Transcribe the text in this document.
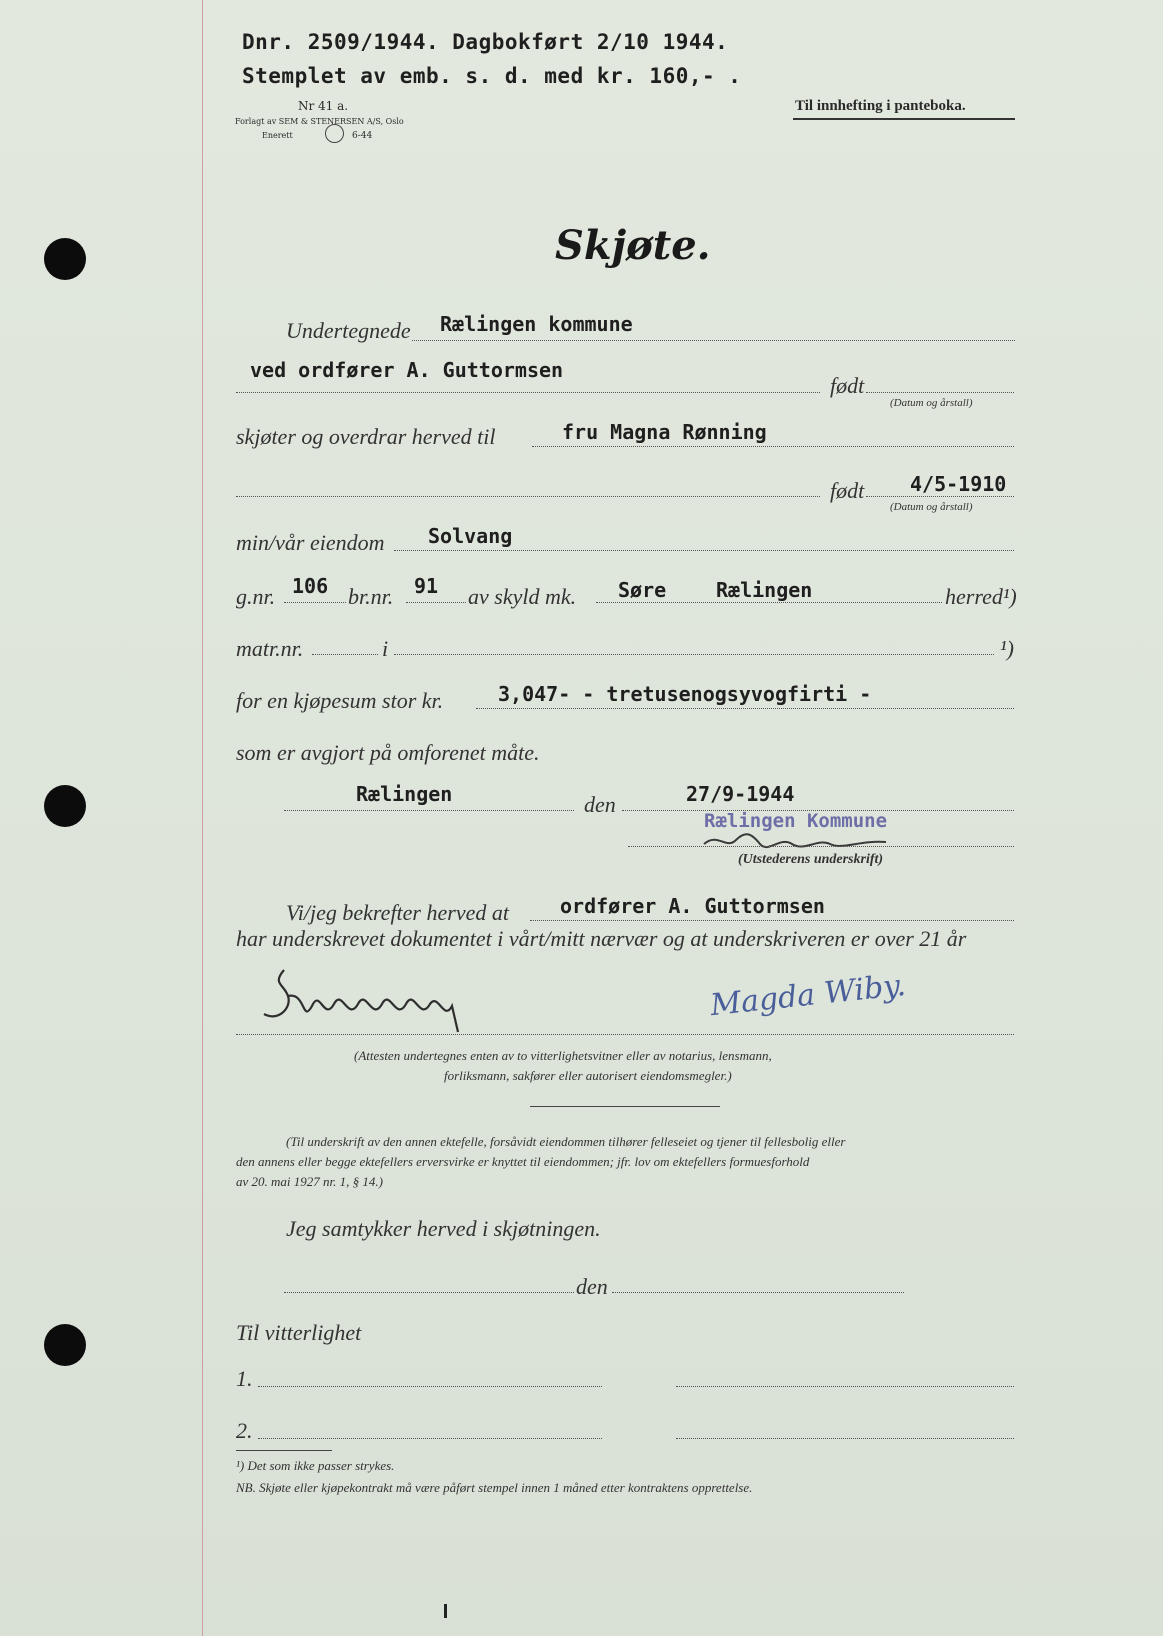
Dnr. 2509/1944. Dagbokført 2/10 1944.
Stemplet av emb. s. d. med kr. 160,- .
Nr 41 a.
Forlagt av SEM & STENERSEN A/S, Oslo
Enerett	6-44
Til innhefting i panteboka.
Skjøte.
Undertegnede Rælingen kommune
ved ordfører A. Guttormsen
født
(Datum og årstall)
skjøter og overdrar herved til	fru Magna Rønning
født 4/5-1910
(Datum og årstall)
min/vår eiendom Solvang
g.nr. 106 br.nr. 91 av skyld mk. Søre Rælingen	herred¹)
matr.nr.	i	¹)
for en kjøpesum stor kr.	3,047- - tretusenogsyvogfirti -
som er avgjort på omforenet måte.
Rælingen	den	27/9-1944
Rælingen Kommune
(Utstederens underskrift)
Vi/jeg bekrefter herved at	ordfører A. Guttormsen
har underskrevet dokumentet i vårt/mitt nærvær og at underskriveren er over 21 år
Magda Wiby.
(Attesten undertegnes enten av to vitterlighetsvitner eller av notarius, lensmann,
forliksmann, sakfører eller autorisert eiendomsmegler.)
(Til underskrift av den annen ektefelle, forsåvidt eiendommen tilhører felleseiet og tjener til fellesbolig eller
den annens eller begge ektefellers erversvirke er knyttet til eiendommen; jfr. lov om ektefellers formuesforhold
av 20. mai 1927 nr. 1, § 14.)
Jeg samtykker herved i skjøtningen.
den
Til vitterlighet
1.
2.
¹) Det som ikke passer strykes.
NB. Skjøte eller kjøpekontrakt må være påført stempel innen 1 måned etter kontraktens opprettelse.
